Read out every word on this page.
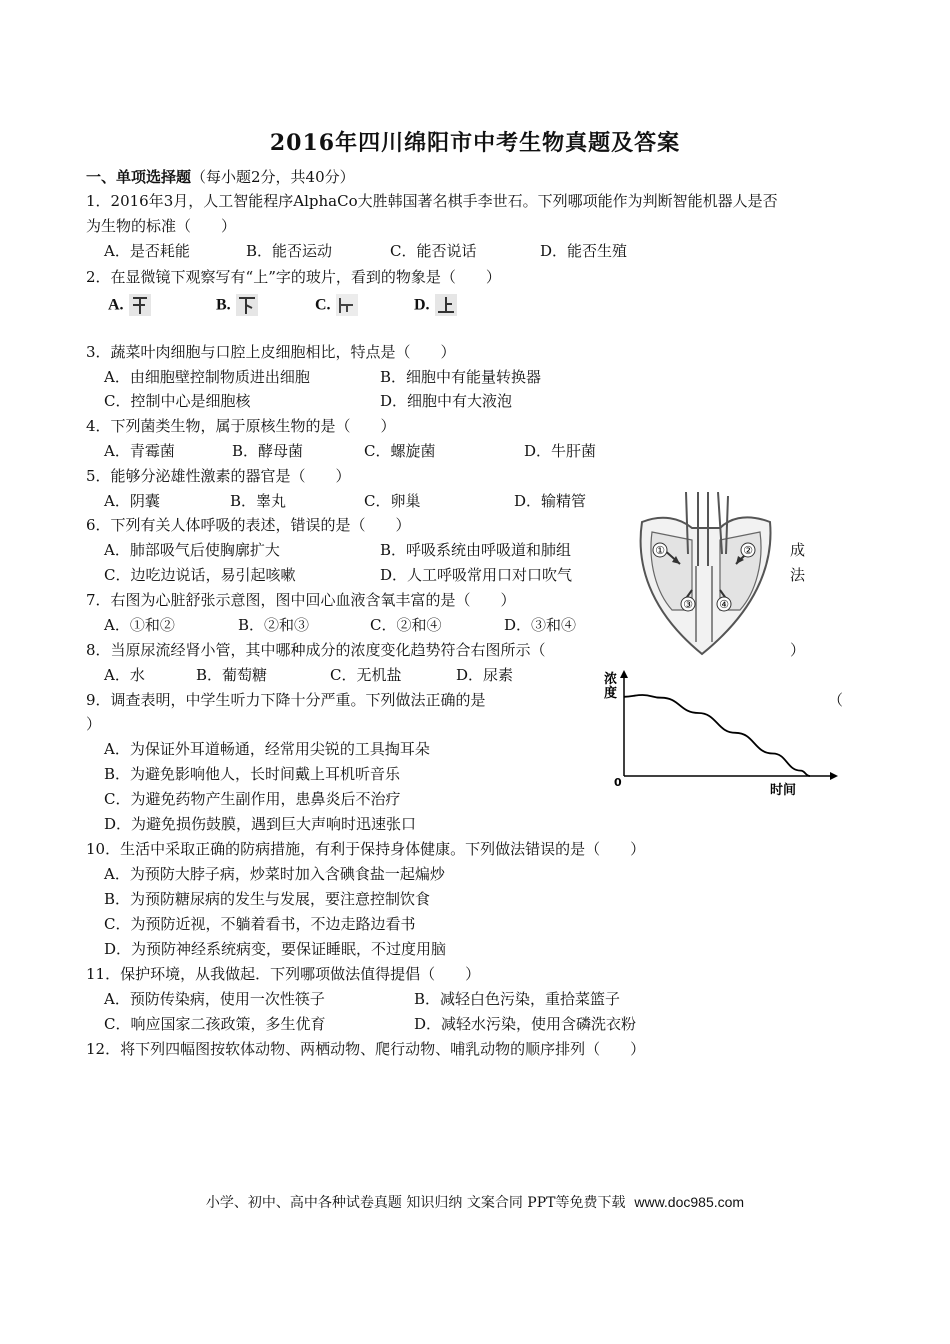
2016年四川绵阳市中考生物真题及答案
一、单项选择题（每小题2分，共40分）
1．2016年3月，人工智能程序AlphaCo大胜韩国著名棋手李世石。下列哪项能作为判断智能机器人是否
为生物的标准（　　）
A．是否耗能	B．能否运动	C．能否说话	D．能否生殖
2．在显微镜下观察写有“上”字的玻片，看到的物象是（　　）
A.	B.	C.	D.
3．蔬菜叶肉细胞与口腔上皮细胞相比，特点是（　　）
A．由细胞壁控制物质进出细胞	B．细胞中有能量转换器
C．控制中心是细胞核	D．细胞中有大液泡
4．下列菌类生物，属于原核生物的是（　　）
A．青霉菌	B．酵母菌	C．螺旋菌	D．牛肝菌
5．能够分泌雄性激素的器官是（　　）
A．阴囊	B．睾丸	C．卵巢	D．输精管
6．下列有关人体呼吸的表述，错误的是（　　）
A．肺部吸气后使胸廓扩大	B．呼吸系统由呼吸道和肺组	成
C．边吃边说话，易引起咳嗽	D．人工呼吸常用口对口吹气	法
7．右图为心脏舒张示意图，图中回心血液含氧丰富的是（　　）
A．①和②	B．②和③	C．②和④	D．③和④
8．当原尿流经肾小管，其中哪种成分的浓度变化趋势符合右图所示（	）
A．水	B．葡萄糖	C．无机盐	D．尿素
9．调查表明，中学生听力下降十分严重。下列做法正确的是	（
）
A．为保证外耳道畅通，经常用尖锐的工具掏耳朵
B．为避免影响他人，长时间戴上耳机听音乐
C．为避免药物产生副作用，患鼻炎后不治疗
D．为避免损伤鼓膜，遇到巨大声响时迅速张口
10．生活中采取正确的防病措施，有利于保持身体健康。下列做法错误的是（　　）
A．为预防大脖子病，炒菜时加入含碘食盐一起煸炒
B．为预防糖尿病的发生与发展，要注意控制饮食
C．为预防近视，不躺着看书，不边走路边看书
D．为预防神经系统病变，要保证睡眠，不过度用脑
11．保护环境，从我做起．下列哪项做法值得提倡（　　）
A．预防传染病，使用一次性筷子	B．减轻白色污染，重拾菜篮子
C．响应国家二孩政策，多生优育	D．减轻水污染，使用含磷洗衣粉
12．将下列四幅图按软体动物、两栖动物、爬行动物、哺乳动物的顺序排列（　　）
①	②
③ ④
浓
度
0
时间
小学、初中、高中各种试卷真题 知识归纳 文案合同 PPT等免费下载 www.doc985.com
